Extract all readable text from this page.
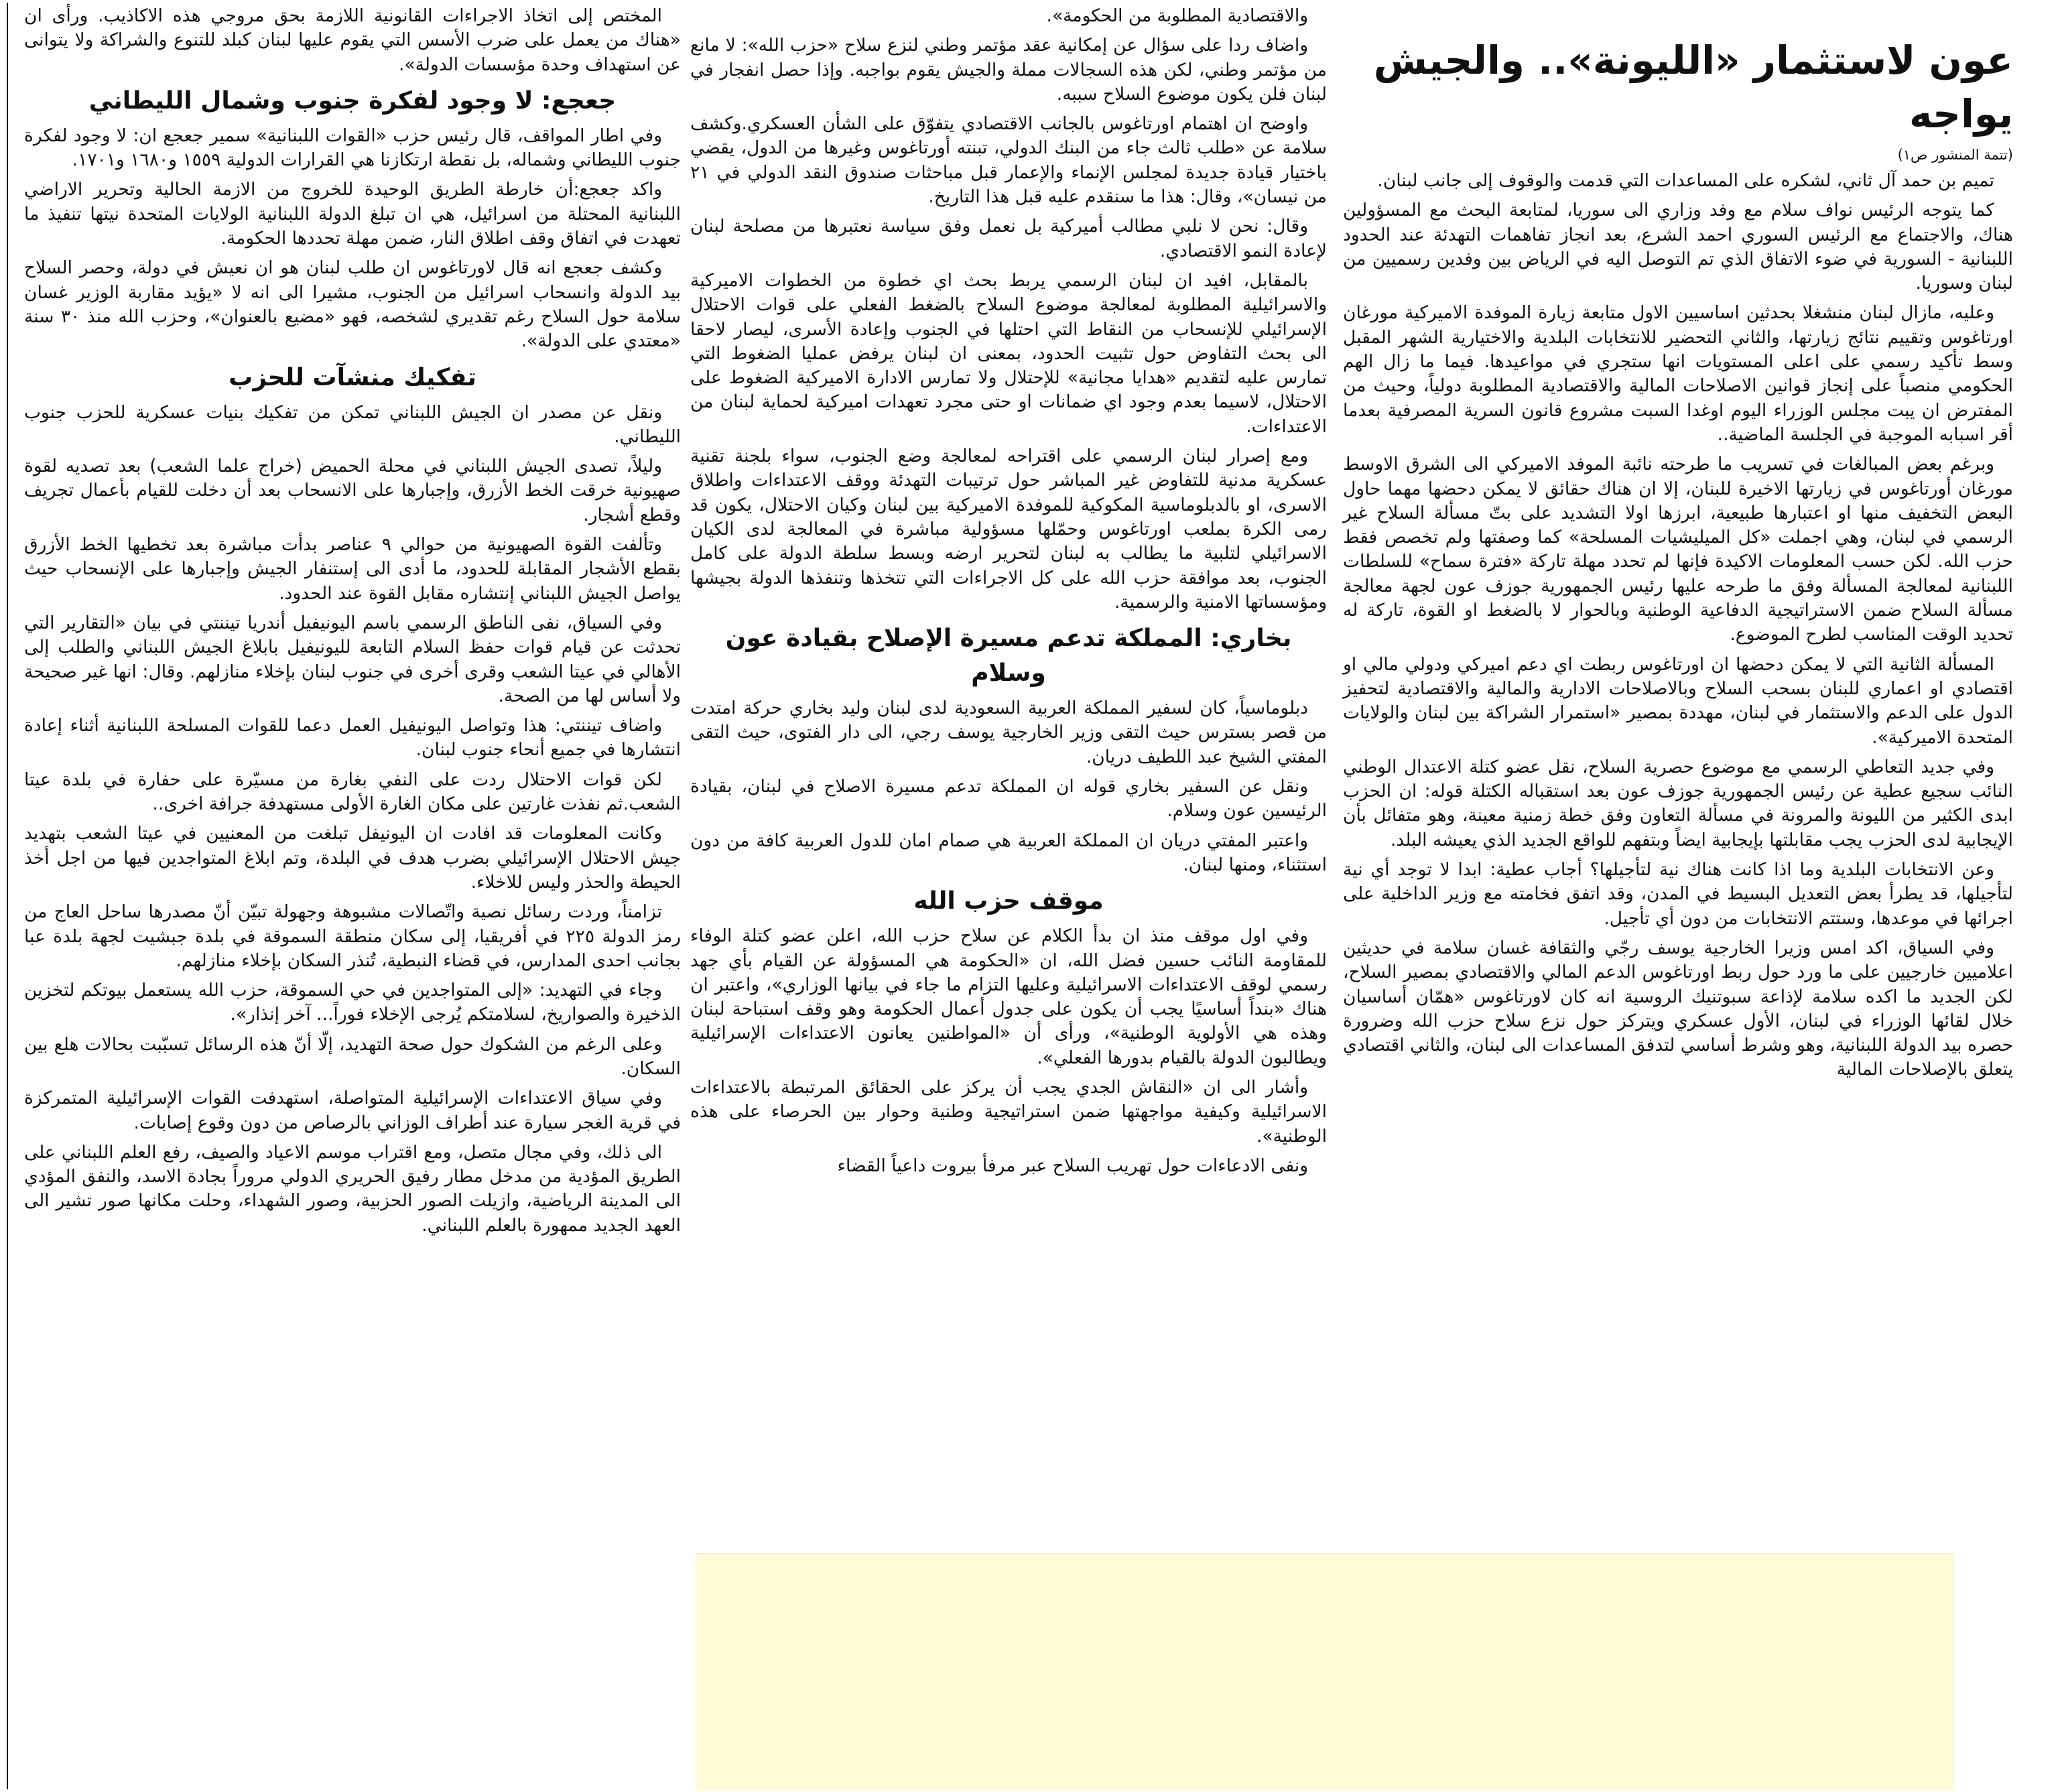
عون لاستثمار «الليونة».. والجيش يواجه
(تتمة المنشور ص١)

تميم بن حمد آل ثاني، لشكره على المساعدات التي قدمت والوقوف إلى جانب لبنان.

كما يتوجه الرئيس نواف سلام مع وفد وزاري الى سوريا، لمتابعة البحث مع المسؤولين هناك، والاجتماع مع الرئيس السوري احمد الشرع، بعد انجاز تفاهمات التهدئة عند الحدود اللبنانية - السورية في ضوء الاتفاق الذي تم التوصل اليه في الرياض بين وفدين رسميين من لبنان وسوريا.

وعليه، مازال لبنان منشغلا بحدثين اساسيين الاول متابعة زيارة الموفدة الاميركية مورغان اورتاغوس وتقييم نتائج زيارتها، والثاني التحضير للانتخابات البلدية والاختيارية الشهر المقبل وسط تأكيد رسمي على اعلى المستويات انها ستجري في مواعيدها. فيما ما زال الهم الحكومي منصباً على إنجاز قوانين الاصلاحات المالية والاقتصادية المطلوبة دولياً، وحيث من المفترض ان يبت مجلس الوزراء اليوم اوغدا السبت مشروع قانون السرية المصرفية بعدما أقر اسبابه الموجبة في الجلسة الماضية..

وبرغم بعض المبالغات في تسريب ما طرحته نائبة الموفد الاميركي الى الشرق الاوسط مورغان أورتاغوس في زيارتها الاخيرة للبنان، إلا ان هناك حقائق لا يمكن دحضها مهما حاول البعض التخفيف منها او اعتبارها طبيعية، ابرزها اولا التشديد على بتّ مسألة السلاح غير الرسمي في لبنان، وهي اجملت «كل الميليشيات المسلحة» كما وصفتها ولم تخصص فقط حزب الله. لكن حسب المعلومات الاكيدة فإنها لم تحدد مهلة تاركة «فترة سماح» للسلطات اللبنانية لمعالجة المسألة وفق ما طرحه عليها رئيس الجمهورية جوزف عون لجهة معالجة مسألة السلاح ضمن الاستراتيجية الدفاعية الوطنية وبالحوار لا بالضغط او القوة، تاركة له تحديد الوقت المناسب لطرح الموضوع.

المسألة الثانية التي لا يمكن دحضها ان اورتاغوس ربطت اي دعم اميركي ودولي مالي او اقتصادي او اعماري للبنان بسحب السلاح وبالاصلاحات الادارية والمالية والاقتصادية لتحفيز الدول على الدعم والاستثمار في لبنان، مهددة بمصير «استمرار الشراكة بين لبنان والولايات المتحدة الاميركية».

وفي جديد التعاطي الرسمي مع موضوع حصرية السلاح، نقل عضو كتلة الاعتدال الوطني النائب سجيع عطية عن رئيس الجمهورية جوزف عون بعد استقباله الكتلة قوله: ان الحزب ابدى الكثير من الليونة والمرونة في مسألة التعاون وفق خطة زمنية معينة، وهو متفائل بأن الإيجابية لدى الحزب يجب مقابلتها بإيجابية ايضاً وبتفهم للواقع الجديد الذي يعيشه البلد.

وعن الانتخابات البلدية وما اذا كانت هناك نية لتأجيلها؟ أجاب عطية: ابدا لا توجد أي نية لتأجيلها، قد يطرأ بعض التعديل البسيط في المدن، وقد اتفق فخامته مع وزير الداخلية على اجرائها في موعدها، وستتم الانتخابات من دون أي تأجيل.

وفي السياق، اكد امس وزيرا الخارجية يوسف رجّي والثقافة غسان سلامة في حديثين اعلاميين خارجيين على ما ورد حول ربط اورتاغوس الدعم المالي والاقتصادي بمصير السلاح، لكن الجديد ما اكده سلامة لإذاعة سبوتنيك الروسية انه كان لاورتاغوس «همّان أساسيان خلال لقائها الوزراء في لبنان، الأول عسكري ويتركز حول نزع سلاح حزب الله وضرورة حصره بيد الدولة اللبنانية، وهو وشرط أساسي لتدفق المساعدات الى لبنان، والثاني اقتصادي يتعلق بالإصلاحات المالية

والاقتصادية المطلوبة من الحكومة».

واضاف ردا على سؤال عن إمكانية عقد مؤتمر وطني لنزع سلاح «حزب الله»: لا مانع من مؤتمر وطني، لكن هذه السجالات مملة والجيش يقوم بواجبه. وإذا حصل انفجار في لبنان فلن يكون موضوع السلاح سببه.

واوضح ان اهتمام اورتاغوس بالجانب الاقتصادي يتفوّق على الشأن العسكري.وكشف سلامة عن «طلب ثالث جاء من البنك الدولي، تبنته أورتاغوس وغيرها من الدول، يقضي باختيار قيادة جديدة لمجلس الإنماء والإعمار قبل مباحثات صندوق النقد الدولي في ٢١ من نيسان»، وقال: هذا ما سنقدم عليه قبل هذا التاريخ.

وقال: نحن لا نلبي مطالب أميركية بل نعمل وفق سياسة نعتبرها من مصلحة لبنان لإعادة النمو الاقتصادي.

بالمقابل، افيد ان لبنان الرسمي يربط بحث اي خطوة من الخطوات الاميركية والاسرائيلية المطلوبة لمعالجة موضوع السلاح بالضغط الفعلي على قوات الاحتلال الإسرائيلي للإنسحاب من النقاط التي احتلها في الجنوب وإعادة الأسرى، ليصار لاحقا الى بحث التفاوض حول تثبيت الحدود، بمعنى ان لبنان يرفض عمليا الضغوط التي تمارس عليه لتقديم «هدايا مجانية» للإحتلال ولا تمارس الادارة الاميركية الضغوط على الاحتلال، لاسيما بعدم وجود اي ضمانات او حتى مجرد تعهدات اميركية لحماية لبنان من الاعتداءات.

ومع إصرار لبنان الرسمي على اقتراحه لمعالجة وضع الجنوب، سواء بلجنة تقنية عسكرية مدنية للتفاوض غير المباشر حول ترتيبات التهدئة ووقف الاعتداءات واطلاق الاسرى، او بالدبلوماسية المكوكية للموفدة الاميركية بين لبنان وكيان الاحتلال، يكون قد رمى الكرة بملعب اورتاغوس وحمّلها مسؤولية مباشرة في المعالجة لدى الكيان الاسرائيلي لتلبية ما يطالب به لبنان لتحرير ارضه وبسط سلطة الدولة على كامل الجنوب، بعد موافقة حزب الله على كل الاجراءات التي تتخذها وتنفذها الدولة بجيشها ومؤسساتها الامنية والرسمية.

بخاري: المملكة تدعم مسيرة الإصلاح بقيادة عون وسلام

دبلوماسياً، كان لسفير المملكة العربية السعودية لدى لبنان وليد بخاري حركة امتدت من قصر بسترس حيث التقى وزير الخارجية يوسف رجي، الى دار الفتوى، حيث التقى المفتي الشيخ عبد اللطيف دريان.

ونقل عن السفير بخاري قوله ان المملكة تدعم مسيرة الاصلاح في لبنان، بقيادة الرئيسين عون وسلام.

واعتبر المفتي دريان ان المملكة العربية هي صمام امان للدول العربية كافة من دون استثناء، ومنها لبنان.

موقف حزب الله

وفي اول موقف منذ ان بدأ الكلام عن سلاح حزب الله، اعلن عضو كتلة الوفاء للمقاومة النائب حسين فضل الله، ان «الحكومة هي المسؤولة عن القيام بأي جهد رسمي لوقف الاعتداءات الاسرائيلية وعليها التزام ما جاء في بيانها الوزاري»، واعتبر ان هناك «بنداً أساسيًا يجب أن يكون على جدول أعمال الحكومة وهو وقف استباحة لبنان وهذه هي الأولوية الوطنية»، ورأى أن «المواطنين يعانون الاعتداءات الإسرائيلية ويطالبون الدولة بالقيام بدورها الفعلي».

وأشار الى ان «النقاش الجدي يجب أن يركز على الحقائق المرتبطة بالاعتداءات الاسرائيلية وكيفية مواجهتها ضمن استراتيجية وطنية وحوار بين الحرصاء على هذه الوطنية».

ونفى الادعاءات حول تهريب السلاح عبر مرفأ بيروت داعياً القضاء

المختص إلى اتخاذ الاجراءات القانونية اللازمة بحق مروجي هذه الاكاذيب. ورأى ان «هناك من يعمل على ضرب الأسس التي يقوم عليها لبنان كبلد للتنوع والشراكة ولا يتوانى عن استهداف وحدة مؤسسات الدولة».

جعجع: لا وجود لفكرة جنوب وشمال الليطاني

وفي اطار المواقف، قال رئيس حزب «القوات اللبنانية» سمير جعجع ان: لا وجود لفكرة جنوب الليطاني وشماله، بل نقطة ارتكازنا هي القرارات الدولية ١٥٥٩ و١٦٨٠ و١٧٠١.

واكد جعجع:أن خارطة الطريق الوحيدة للخروج من الازمة الحالية وتحرير الاراضي اللبنانية المحتلة من اسرائيل، هي ان تبلغ الدولة اللبنانية الولايات المتحدة نيتها تنفيذ ما تعهدت في اتفاق وقف اطلاق النار، ضمن مهلة تحددها الحكومة.

وكشف جعجع انه قال لاورتاغوس ان طلب لبنان هو ان نعيش في دولة، وحصر السلاح بيد الدولة وانسحاب اسرائيل من الجنوب، مشيرا الى انه لا «يؤيد مقاربة الوزير غسان سلامة حول السلاح رغم تقديري لشخصه، فهو «مضيع بالعنوان»، وحزب الله منذ ٣٠ سنة «معتدي على الدولة».

تفكيك منشآت للحزب

ونقل عن مصدر ان الجيش اللبناني تمكن من تفكيك بنيات عسكرية للحزب جنوب الليطاني.

وليلاً، تصدى الجيش اللبناني في محلة الحميض (خراج علما الشعب) بعد تصديه لقوة صهيونية خرقت الخط الأزرق، وإجبارها على الانسحاب بعد أن دخلت للقيام بأعمال تجريف وقطع أشجار.

وتألفت القوة الصهيونية من حوالي ٩ عناصر بدأت مباشرة بعد تخطيها الخط الأزرق بقطع الأشجار المقابلة للحدود، ما أدى الى إستنفار الجيش وإجبارها على الإنسحاب حيث يواصل الجيش اللبناني إنتشاره مقابل القوة عند الحدود.

وفي السياق، نفى الناطق الرسمي باسم اليونيفيل أندريا تيننتي في بيان «التقارير التي تحدثت عن قيام قوات حفظ السلام التابعة لليونيفيل بابلاغ الجيش اللبناني والطلب إلى الأهالي في عيتا الشعب وقرى أخرى في جنوب لبنان بإخلاء منازلهم. وقال: انها غير صحيحة ولا أساس لها من الصحة.

واضاف تيننتي: هذا وتواصل اليونيفيل العمل دعما للقوات المسلحة اللبنانية أثناء إعادة انتشارها في جميع أنحاء جنوب لبنان.

لكن قوات الاحتلال ردت على النفي بغارة من مسيّرة على حفارة في بلدة عيتا الشعب.ثم نفذت غارتين على مكان الغارة الأولى مستهدفة جرافة اخرى..

وكانت المعلومات قد افادت ان اليونيفل تبلغت من المعنيين في عيتا الشعب بتهديد جيش الاحتلال الإسرائيلي بضرب هدف في البلدة، وتم ابلاغ المتواجدين فيها من اجل أخذ الحيطة والحذر وليس للاخلاء.

تزامناً، وردت رسائل نصية واتّصالات مشبوهة وجهولة تبيّن أنّ مصدرها ساحل العاج من رمز الدولة ٢٢٥ في أفريقيا، إلى سكان منطقة السموقة في بلدة جبشيت لجهة بلدة عبا بجانب احدى المدارس، في قضاء النبطية، تُنذر السكان بإخلاء منازلهم.

وجاء في التهديد: «إلى المتواجدين في حي السموقة، حزب الله يستعمل بيوتكم لتخزين الذخيرة والصواريخ، لسلامتكم يُرجى الإخلاء فوراً... آخر إنذار».

وعلى الرغم من الشكوك حول صحة التهديد، إلّا أنّ هذه الرسائل تسبّبت بحالات هلع بين السكان.

وفي سياق الاعتداءات الإسرائيلية المتواصلة، استهدفت القوات الإسرائيلية المتمركزة في قرية الغجر سيارة عند أطراف الوزاني بالرصاص من دون وقوع إصابات.

الى ذلك، وفي مجال متصل، ومع اقتراب موسم الاعياد والصيف، رفع العلم اللبناني على الطريق المؤدية من مدخل مطار رفيق الحريري الدولي مروراً بجادة الاسد، والنفق المؤدي الى المدينة الرياضية، وازيلت الصور الحزبية، وصور الشهداء، وحلت مكانها صور تشير الى العهد الجديد ممهورة بالعلم اللبناني.
